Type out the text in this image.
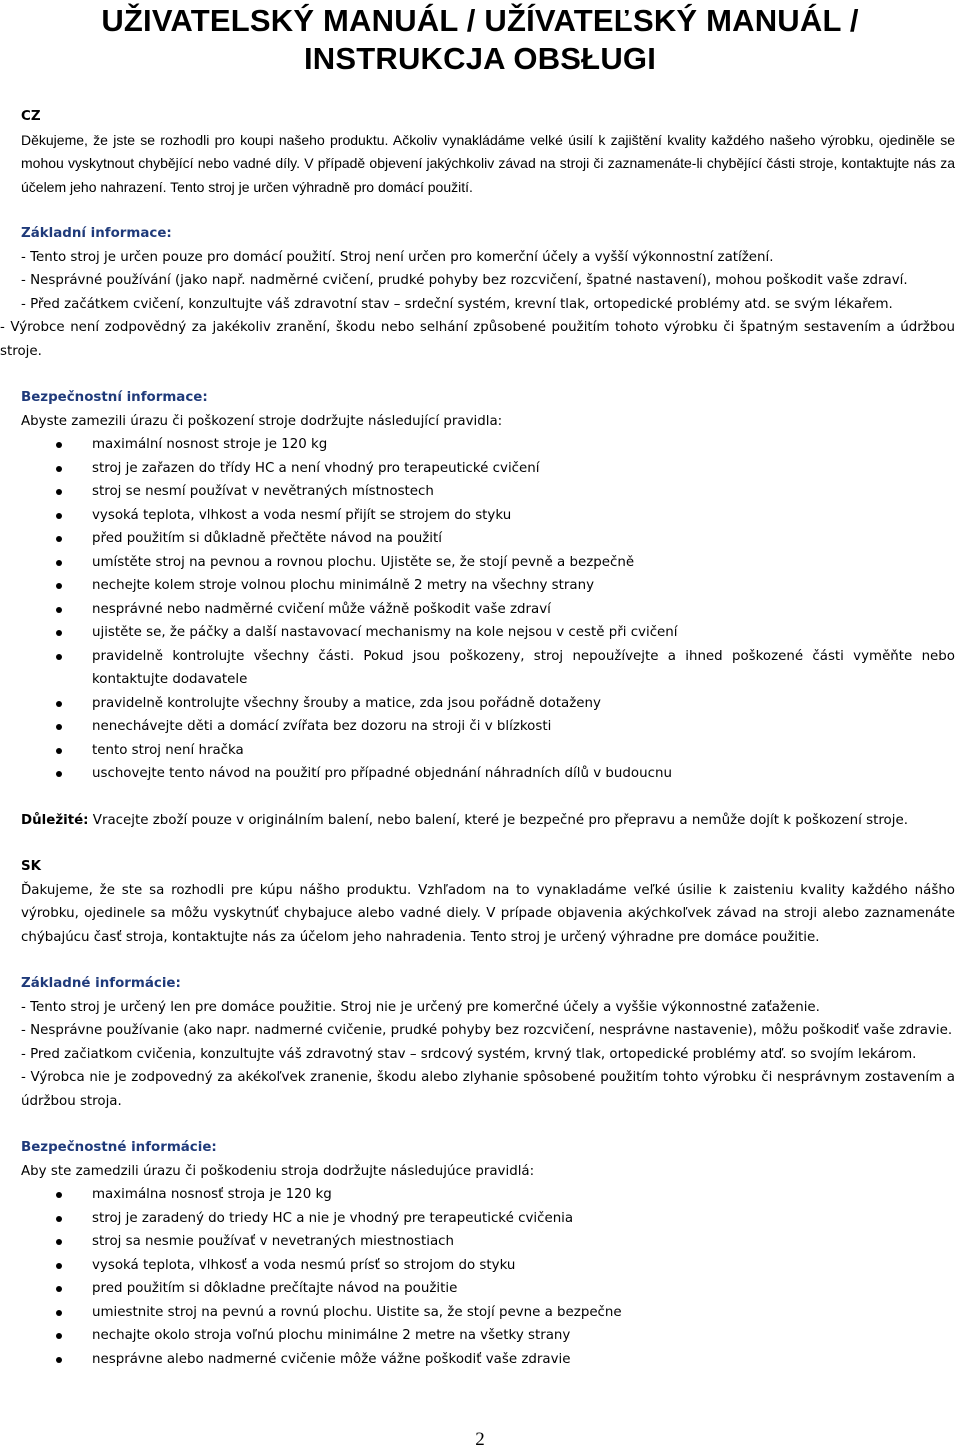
UŽIVATELSKÝ MANUÁL / UŽÍVATEĽSKÝ MANUÁL / INSTRUKCJA OBSŁUGI
CZ

Děkujeme, že jste se rozhodli pro koupi našeho produktu. Ačkoliv vynakládáme velké úsilí k zajištění kvality každého našeho výrobku, ojediněle se mohou vyskytnout chybějící nebo vadné díly. V případě objevení jakýchkoliv závad na stroji či zaznamenáte-li chybějící části stroje, kontaktujte nás za účelem jeho nahrazení. Tento stroj je určen výhradně pro domácí použití.

Základní informace:

- Tento stroj je určen pouze pro domácí použití. Stroj není určen pro komerční účely a vyšší výkonnostní zatížení.

- Nesprávné používání (jako např. nadměrné cvičení, prudké pohyby bez rozcvičení, špatné nastavení), mohou poškodit vaše zdraví.

- Před začátkem cvičení, konzultujte váš zdravotní stav – srdeční systém, krevní tlak, ortopedické problémy atd. se svým lékařem.

- Výrobce není zodpovědný za jakékoliv zranění, škodu nebo selhání způsobené použitím tohoto výrobku či špatným sestavením a údržbou stroje.

Bezpečnostní informace:

Abyste zamezili úrazu či poškození stroje dodržujte následující pravidla:

maximální nosnost stroje je 120 kg
stroj je zařazen do třídy HC a není vhodný pro terapeutické cvičení
stroj se nesmí používat v nevětraných místnostech
vysoká teplota, vlhkost a voda nesmí přijít se strojem do styku
před použitím si důkladně přečtěte návod na použití
umístěte stroj na pevnou a rovnou plochu. Ujistěte se, že stojí pevně a bezpečně
nechejte kolem stroje volnou plochu minimálně 2 metry na všechny strany
nesprávné nebo nadměrné cvičení může vážně poškodit vaše zdraví
ujistěte se, že páčky a další nastavovací mechanismy na kole nejsou v cestě při cvičení
pravidelně kontrolujte všechny části. Pokud jsou poškozeny, stroj nepoužívejte a ihned poškozené části vyměňte nebo kontaktujte dodavatele
pravidelně kontrolujte všechny šrouby a matice, zda jsou pořádně dotaženy
nenechávejte děti a domácí zvířata bez dozoru na stroji či v blízkosti
tento stroj není hračka
uschovejte tento návod na použití pro případné objednání náhradních dílů v budoucnu

Důležité: Vracejte zboží pouze v originálním balení, nebo balení, které je bezpečné pro přepravu a nemůže dojít k poškození stroje.

SK

Ďakujeme, že ste sa rozhodli pre kúpu nášho produktu. Vzhľadom na to vynakladáme veľké úsilie k zaisteniu kvality každého nášho výrobku, ojedinele sa môžu vyskytnúť chybajuce alebo vadné diely. V prípade objavenia akýchkoľvek závad na stroji alebo zaznamenáte chýbajúcu časť stroja, kontaktujte nás za účelom jeho nahradenia. Tento stroj je určený výhradne pre domáce použitie.

Základné informácie:

- Tento stroj je určený len pre domáce použitie. Stroj nie je určený pre komerčné účely a vyššie výkonnostné zaťaženie.

- Nesprávne používanie (ako napr. nadmerné cvičenie, prudké pohyby bez rozcvičení, nesprávne nastavenie), môžu poškodiť vaše zdravie.

- Pred začiatkom cvičenia, konzultujte váš zdravotný stav – srdcový systém, krvný tlak, ortopedické problémy atď. so svojím lekárom.

- Výrobca nie je zodpovedný za akékoľvek zranenie, škodu alebo zlyhanie spôsobené použitím tohto výrobku či nesprávnym zostavením a údržbou stroja.

Bezpečnostné informácie:

Aby ste zamedzili úrazu či poškodeniu stroja dodržujte následujúce pravidlá:

maximálna nosnosť stroja je 120 kg
stroj je zaradený do triedy HC a nie je vhodný pre terapeutické cvičenia
stroj sa nesmie používať v nevetraných miestnostiach
vysoká teplota, vlhkosť a voda nesmú prísť so strojom do styku
pred použitím si dôkladne prečítajte návod na použitie
umiestnite stroj na pevnú a rovnú plochu. Uistite sa, že stojí pevne a bezpečne
nechajte okolo stroja voľnú plochu minimálne 2 metre na všetky strany
nesprávne alebo nadmerné cvičenie môže vážne poškodiť vaše zdravie
2
